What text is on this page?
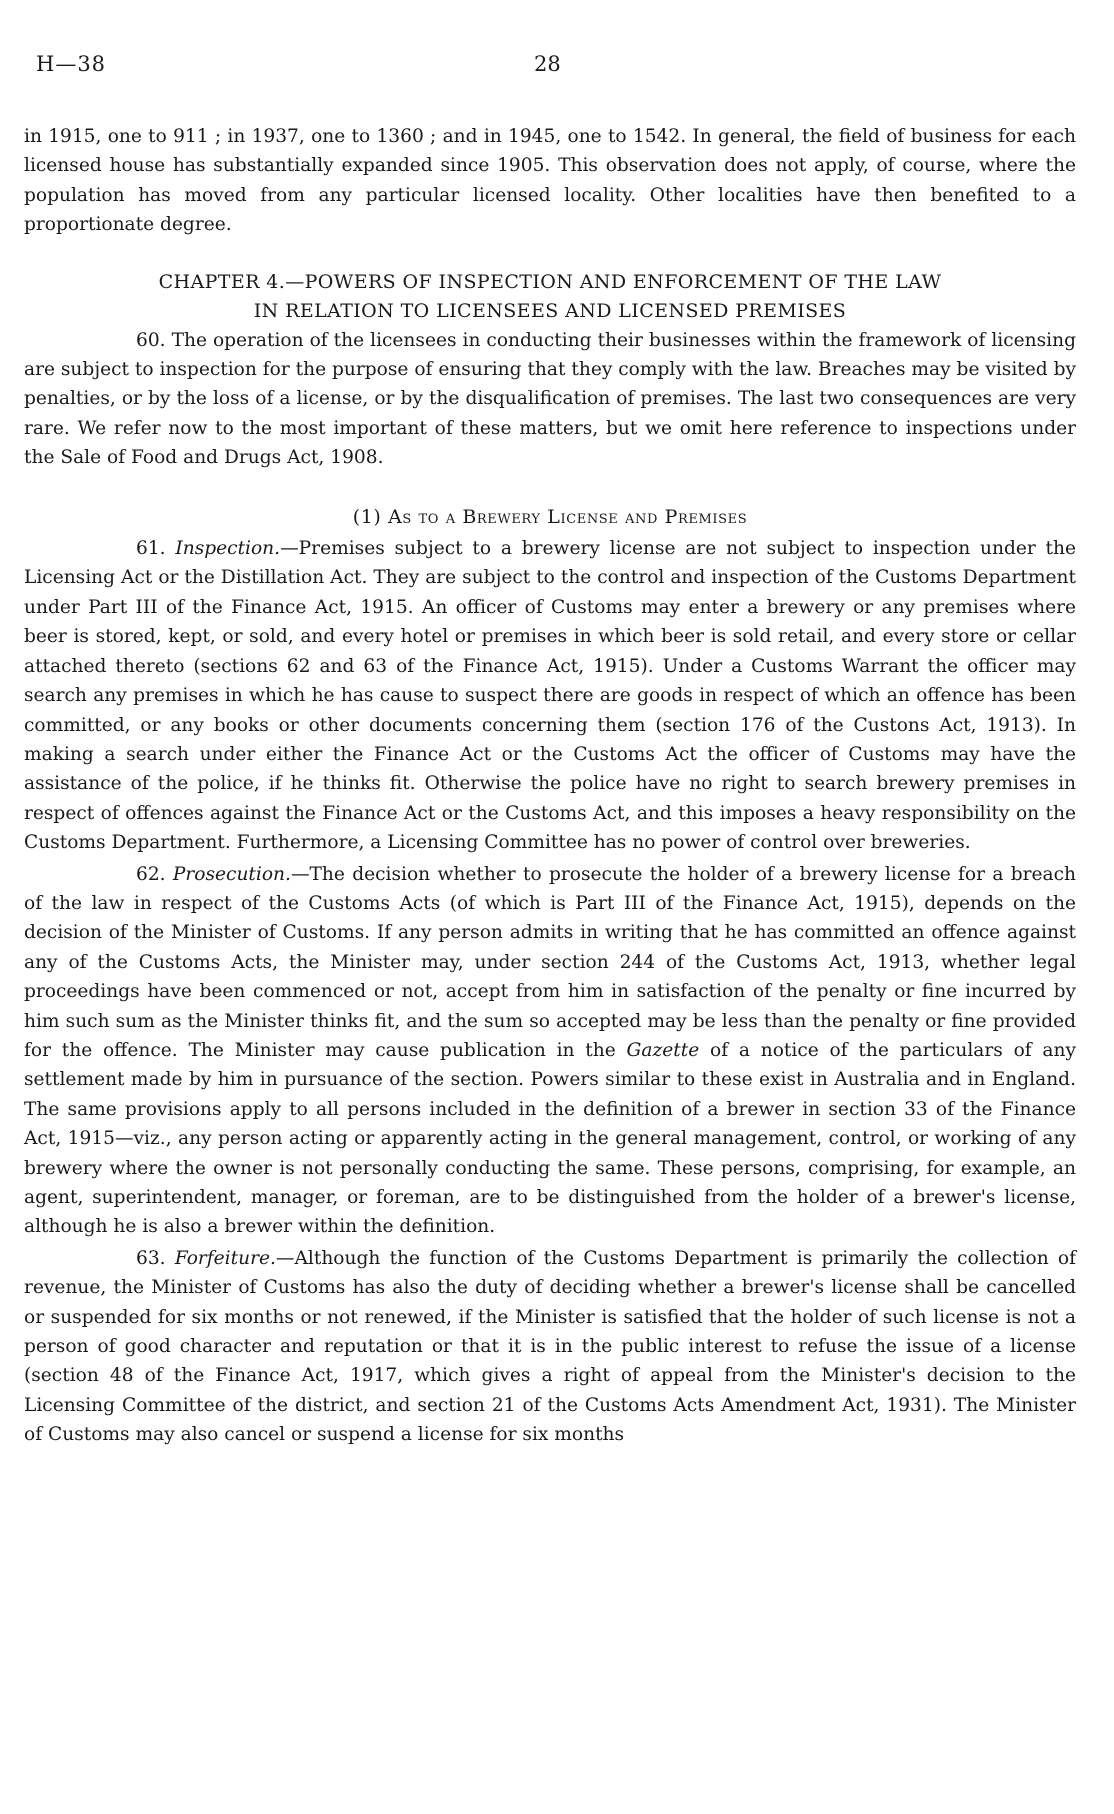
H—38	28

in 1915, one to 911 ; in 1937, one to 1360 ; and in 1945, one to 1542. In general, the field of business for each licensed house has substantially expanded since 1905. This observation does not apply, of course, where the population has moved from any particular licensed locality. Other localities have then benefited to a proportionate degree.

CHAPTER 4.—POWERS OF INSPECTION AND ENFORCEMENT OF THE LAW
IN RELATION TO LICENSEES AND LICENSED PREMISES

60. The operation of the licensees in conducting their businesses within the framework of licensing are subject to inspection for the purpose of ensuring that they comply with the law. Breaches may be visited by penalties, or by the loss of a license, or by the disqualification of premises. The last two consequences are very rare. We refer now to the most important of these matters, but we omit here reference to inspections under the Sale of Food and Drugs Act, 1908.

(1) As to a Brewery License and Premises

61. Inspection.—Premises subject to a brewery license are not subject to inspection under the Licensing Act or the Distillation Act. They are subject to the control and inspection of the Customs Department under Part III of the Finance Act, 1915. An officer of Customs may enter a brewery or any premises where beer is stored, kept, or sold, and every hotel or premises in which beer is sold retail, and every store or cellar attached thereto (sections 62 and 63 of the Finance Act, 1915). Under a Customs Warrant the officer may search any premises in which he has cause to suspect there are goods in respect of which an offence has been committed, or any books or other documents concerning them (section 176 of the Custons Act, 1913). In making a search under either the Finance Act or the Customs Act the officer of Customs may have the assistance of the police, if he thinks fit. Otherwise the police have no right to search brewery premises in respect of offences against the Finance Act or the Customs Act, and this imposes a heavy responsibility on the Customs Department. Furthermore, a Licensing Committee has no power of control over breweries.

62. Prosecution.—The decision whether to prosecute the holder of a brewery license for a breach of the law in respect of the Customs Acts (of which is Part III of the Finance Act, 1915), depends on the decision of the Minister of Customs. If any person admits in writing that he has committed an offence against any of the Customs Acts, the Minister may, under section 244 of the Customs Act, 1913, whether legal proceedings have been commenced or not, accept from him in satisfaction of the penalty or fine incurred by him such sum as the Minister thinks fit, and the sum so accepted may be less than the penalty or fine provided for the offence. The Minister may cause publication in the Gazette of a notice of the particulars of any settlement made by him in pursuance of the section. Powers similar to these exist in Australia and in England. The same provisions apply to all persons included in the definition of a brewer in section 33 of the Finance Act, 1915—viz., any person acting or apparently acting in the general management, control, or working of any brewery where the owner is not personally conducting the same. These persons, comprising, for example, an agent, superintendent, manager, or foreman, are to be distinguished from the holder of a brewer's license, although he is also a brewer within the definition.

63. Forfeiture.—Although the function of the Customs Department is primarily the collection of revenue, the Minister of Customs has also the duty of deciding whether a brewer's license shall be cancelled or suspended for six months or not renewed, if the Minister is satisfied that the holder of such license is not a person of good character and reputation or that it is in the public interest to refuse the issue of a license (section 48 of the Finance Act, 1917, which gives a right of appeal from the Minister's decision to the Licensing Committee of the district, and section 21 of the Customs Acts Amendment Act, 1931). The Minister of Customs may also cancel or suspend a license for six months
